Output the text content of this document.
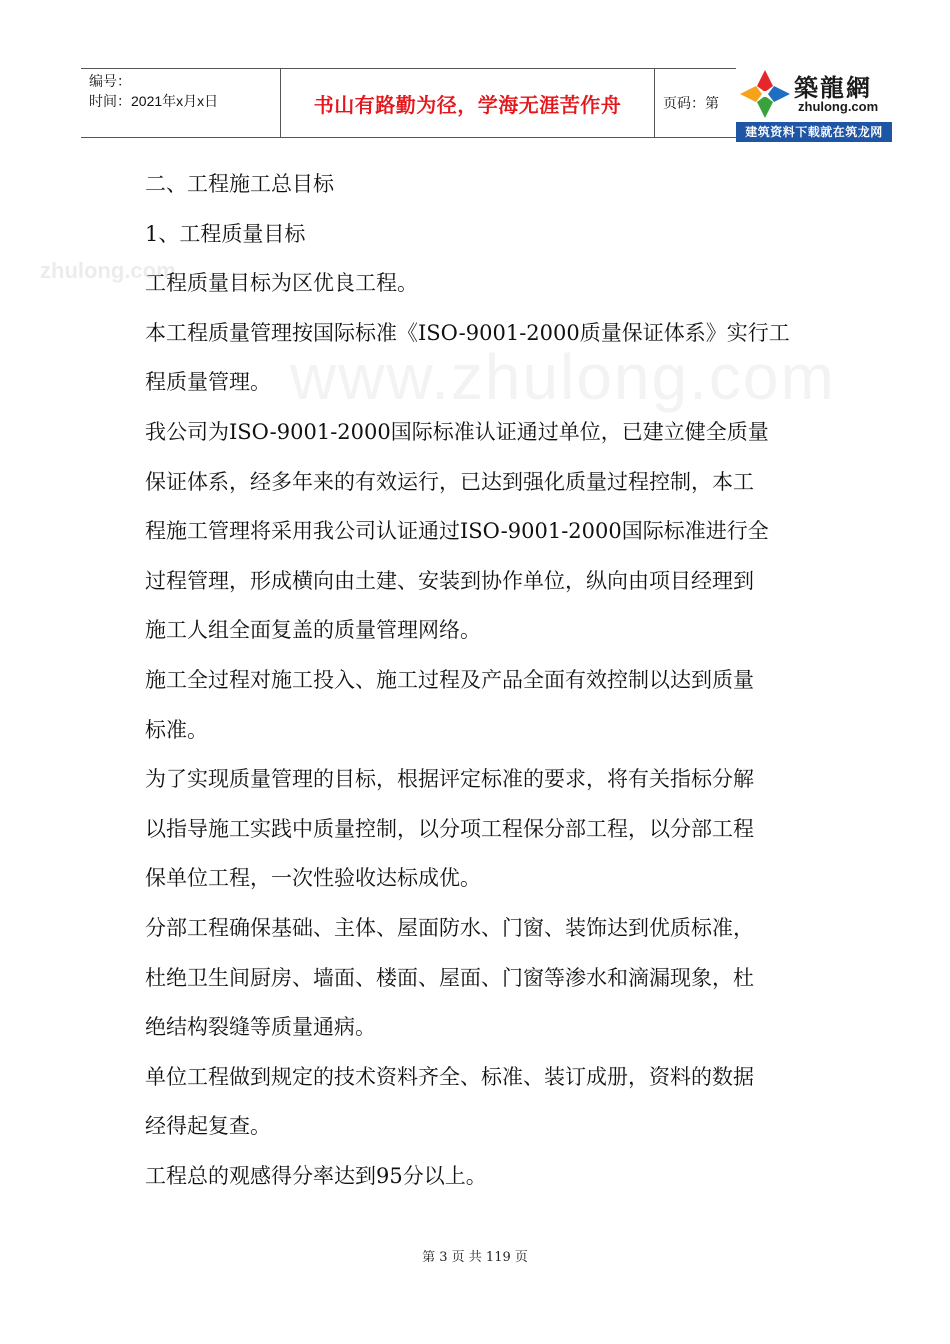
编号：
时间：2021年x月x日	书山有路勤为径，学海无涯苦作舟	页码：第
築龍網
zhulong.com
建筑资料下载就在筑龙网
zhulong.com
www.zhulong.com
二、工程施工总目标
1、工程质量目标
工程质量目标为区优良工程。
本工程质量管理按国际标准《ISO-9001-2000质量保证体系》实行工
程质量管理。
我公司为ISO-9001-2000国际标准认证通过单位，已建立健全质量
保证体系，经多年来的有效运行，已达到强化质量过程控制，本工
程施工管理将采用我公司认证通过ISO-9001-2000国际标准进行全
过程管理，形成横向由土建、安装到协作单位，纵向由项目经理到
施工人组全面复盖的质量管理网络。
施工全过程对施工投入、施工过程及产品全面有效控制以达到质量
标准。
为了实现质量管理的目标，根据评定标准的要求，将有关指标分解
以指导施工实践中质量控制，以分项工程保分部工程，以分部工程
保单位工程，一次性验收达标成优。
分部工程确保基础、主体、屋面防水、门窗、装饰达到优质标准，
杜绝卫生间厨房、墙面、楼面、屋面、门窗等渗水和滴漏现象，杜
绝结构裂缝等质量通病。
单位工程做到规定的技术资料齐全、标准、装订成册，资料的数据
经得起复查。
工程总的观感得分率达到95分以上。
第 3 页 共 119 页
